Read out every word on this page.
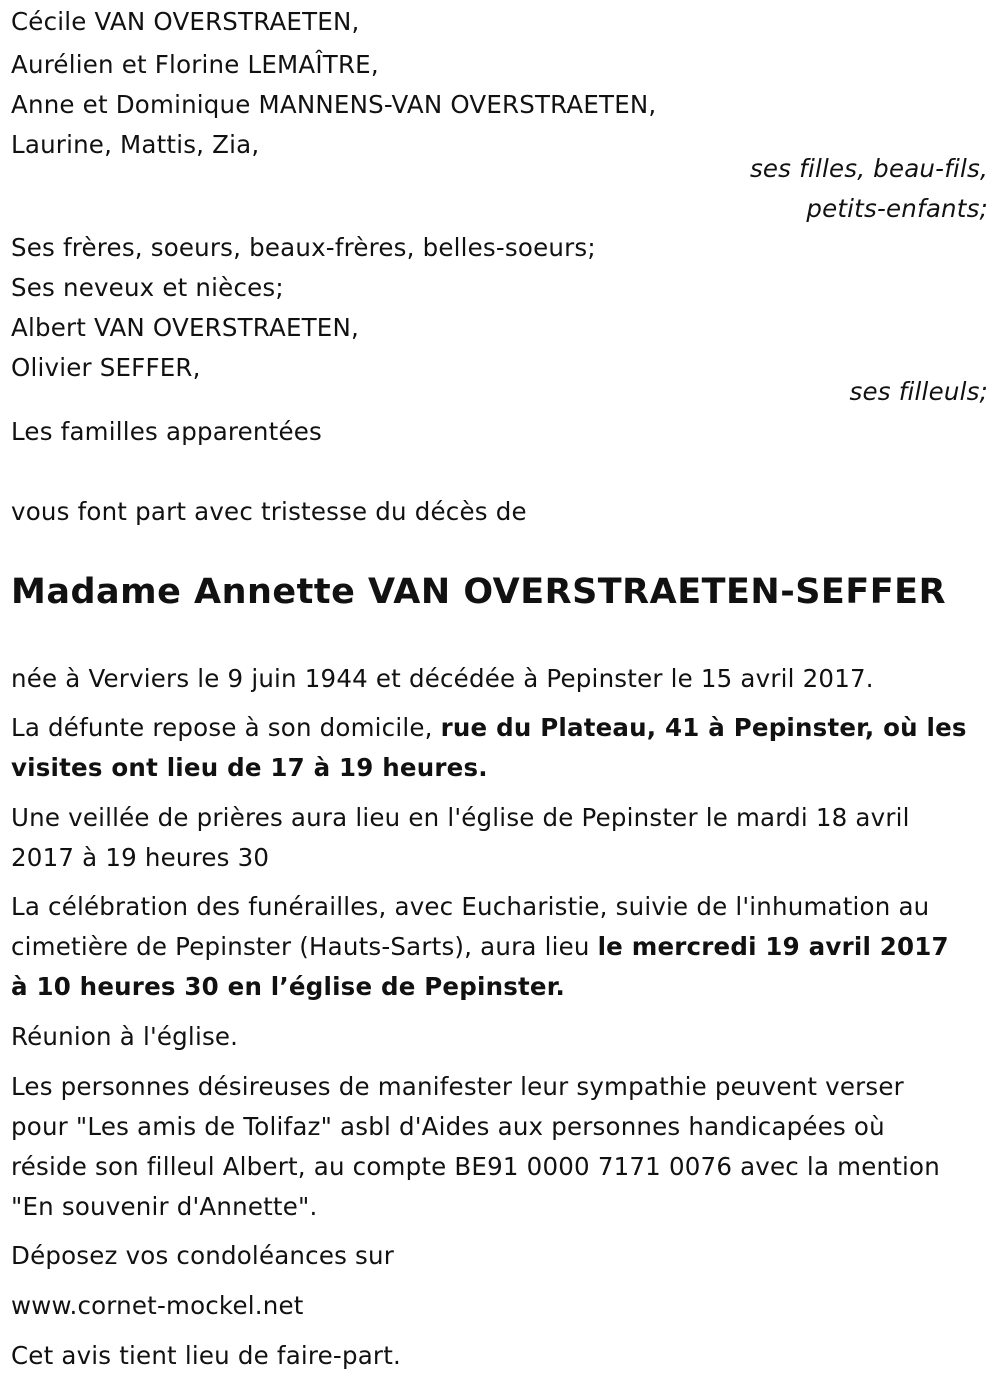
Cécile VAN OVERSTRAETEN,
Aurélien et Florine LEMAÎTRE,
Anne et Dominique MANNENS-VAN OVERSTRAETEN,
Laurine, Mattis, Zia,
ses filles, beau-fils,
petits-enfants;
Ses frères, soeurs, beaux-frères, belles-soeurs;
Ses neveux et nièces;
Albert VAN OVERSTRAETEN,
Olivier SEFFER,
ses filleuls;
Les familles apparentées
vous font part avec tristesse du décès de
Madame Annette VAN OVERSTRAETEN-SEFFER
née à Verviers le 9 juin 1944 et décédée à Pepinster le 15 avril 2017.
La défunte repose à son domicile, rue du Plateau, 41 à Pepinster, où les
visites ont lieu de 17 à 19 heures.
Une veillée de prières aura lieu en l'église de Pepinster le mardi 18 avril
2017 à 19 heures 30
La célébration des funérailles, avec Eucharistie, suivie de l'inhumation au
cimetière de Pepinster (Hauts-Sarts), aura lieu le mercredi 19 avril 2017
à 10 heures 30 en l’église de Pepinster.
Réunion à l'église.
Les personnes désireuses de manifester leur sympathie peuvent verser
pour "Les amis de Tolifaz" asbl d'Aides aux personnes handicapées où
réside son filleul Albert, au compte BE91 0000 7171 0076 avec la mention
"En souvenir d'Annette".
Déposez vos condoléances sur
www.cornet-mockel.net
Cet avis tient lieu de faire-part.
